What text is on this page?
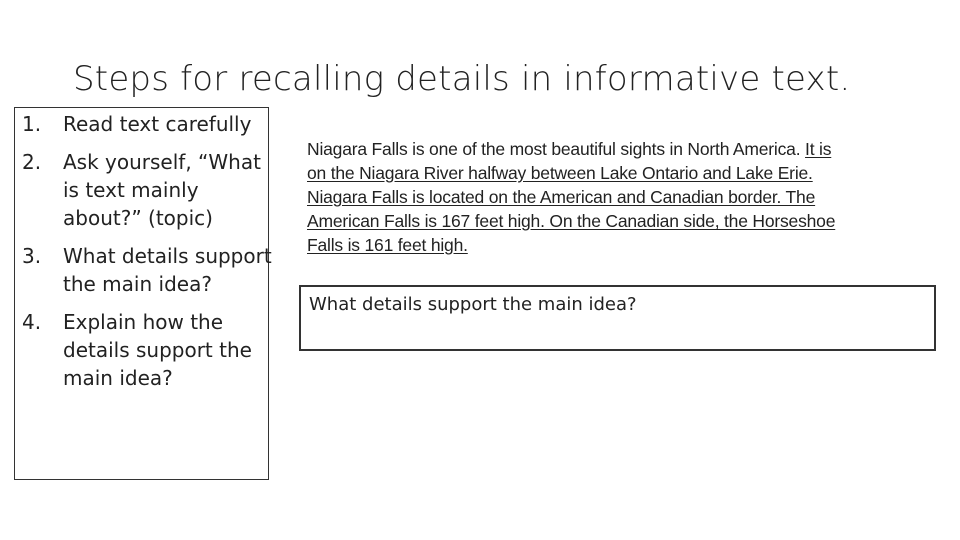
Steps for recalling details in informative text.
1. Read text carefully
2. Ask yourself, “What is text mainly about?” (topic)
3. What details support the main idea?
4. Explain how the details support the main idea?
Niagara Falls is one of the most beautiful sights in North America. It is on the Niagara River halfway between Lake Ontario and Lake Erie. Niagara Falls is located on the American and Canadian border. The American Falls is 167 feet high. On the Canadian side, the Horseshoe Falls is 161 feet high.
What details support the main idea?
